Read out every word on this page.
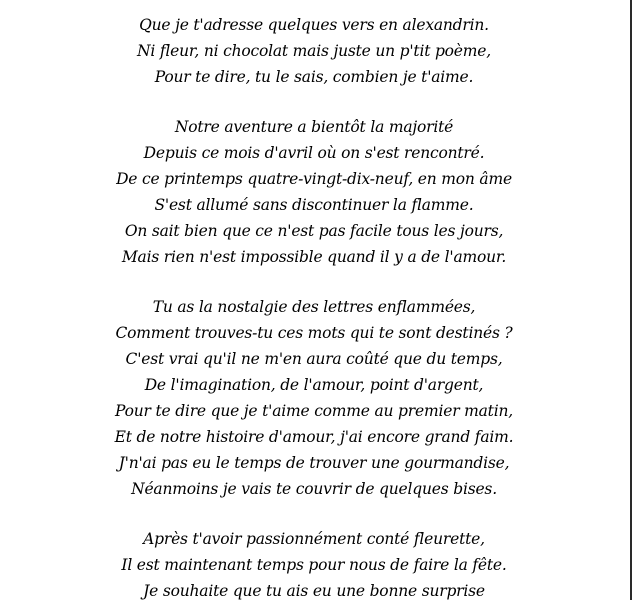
Que je t'adresse quelques vers en alexandrin.
Ni fleur, ni chocolat mais juste un p'tit poème,
Pour te dire, tu le sais, combien je t'aime.
Notre aventure a bientôt la majorité
Depuis ce mois d'avril où on s'est rencontré.
De ce printemps quatre-vingt-dix-neuf, en mon âme
S'est allumé sans discontinuer la flamme.
On sait bien que ce n'est pas facile tous les jours,
Mais rien n'est impossible quand il y a de l'amour.
Tu as la nostalgie des lettres enflammées,
Comment trouves-tu ces mots qui te sont destinés ?
C'est vrai qu'il ne m'en aura coûté que du temps,
De l'imagination, de l'amour, point d'argent,
Pour te dire que je t'aime comme au premier matin,
Et de notre histoire d'amour, j'ai encore grand faim.
J'n'ai pas eu le temps de trouver une gourmandise,
Néanmoins je vais te couvrir de quelques bises.
Après t'avoir passionnément conté fleurette,
Il est maintenant temps pour nous de faire la fête.
Je souhaite que tu ais eu une bonne surprise
